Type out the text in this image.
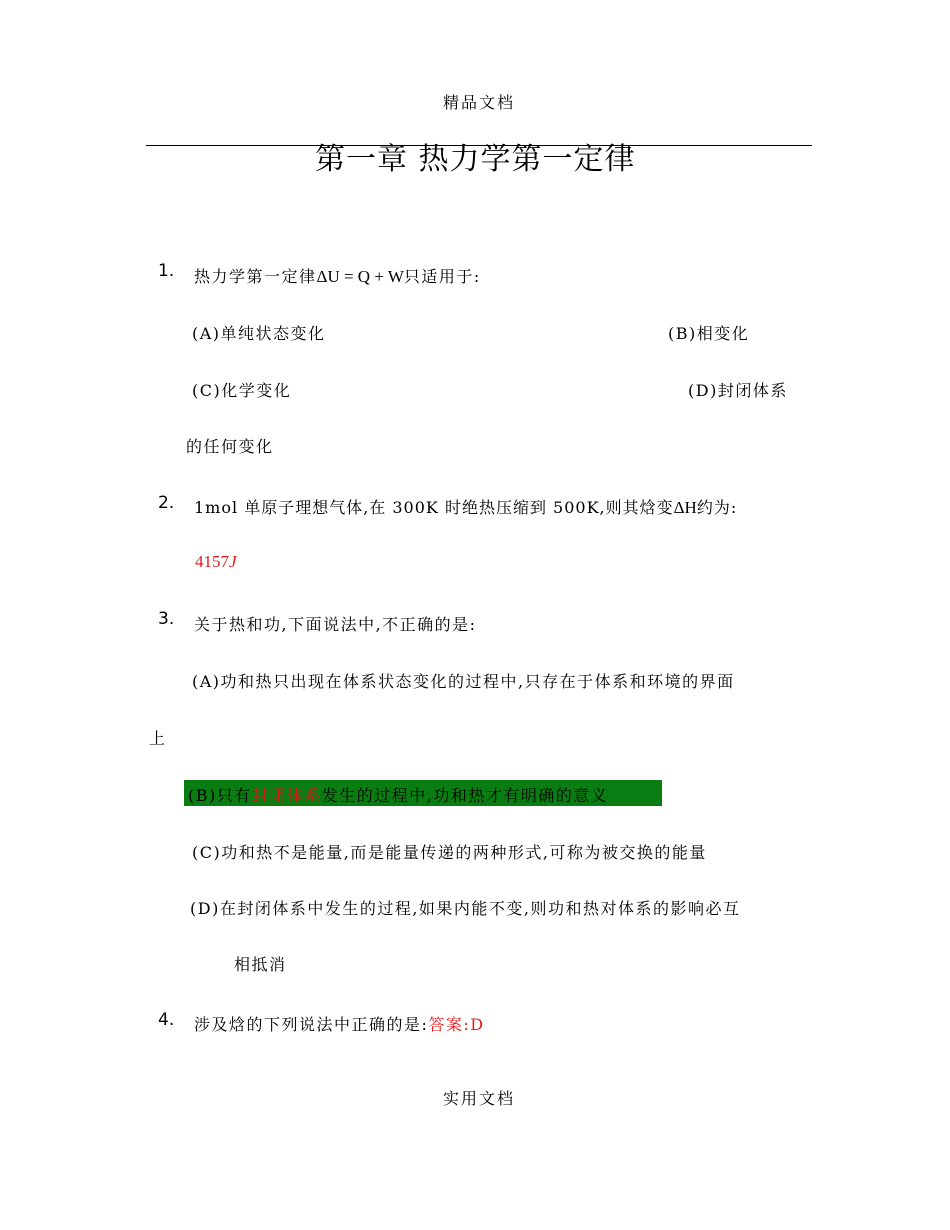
精品文档
第一章 热力学第一定律
1. 热力学第一定律ΔU = Q + W只适用于:
(A)单纯状态变化	(B)相变化
(C)化学变化	(D)封闭体系
的任何变化
2. 1mol 单原子理想气体,在 300K 时绝热压缩到 500K,则其焓变ΔH约为:
4157J
3. 关于热和功,下面说法中,不正确的是:
(A)功和热只出现在体系状态变化的过程中,只存在于体系和环境的界面
上
(B)只有封闭体系发生的过程中,功和热才有明确的意义
(C)功和热不是能量,而是能量传递的两种形式,可称为被交换的能量
(D)在封闭体系中发生的过程,如果内能不变,则功和热对体系的影响必互
相抵消
4. 涉及焓的下列说法中正确的是:答案:D
实用文档
